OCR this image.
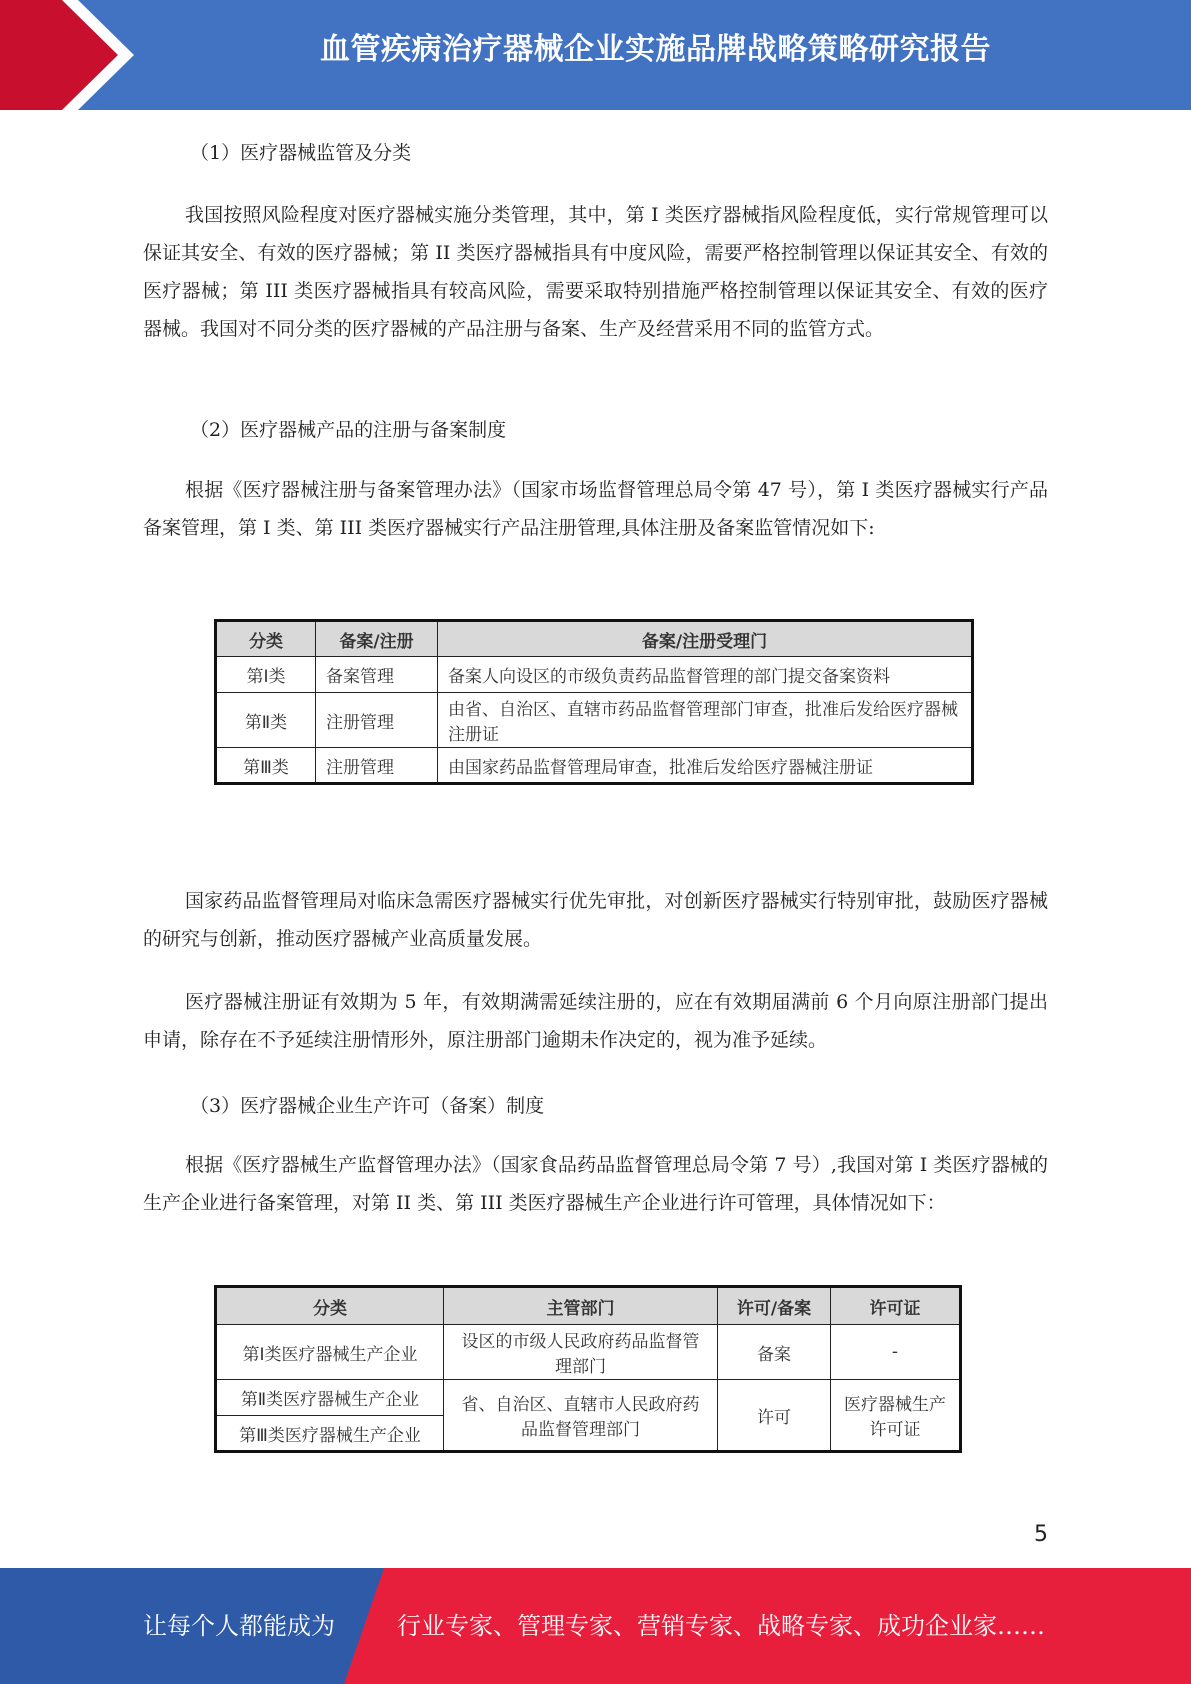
血管疾病治疗器械企业实施品牌战略策略研究报告
（1）医疗器械监管及分类
我国按照风险程度对医疗器械实施分类管理，其中，第 I 类医疗器械指风险程度低，实行常规管理可以保证其安全、有效的医疗器械；第 II 类医疗器械指具有中度风险，需要严格控制管理以保证其安全、有效的医疗器械；第 III 类医疗器械指具有较高风险，需要采取特别措施严格控制管理以保证其安全、有效的医疗器械。我国对不同分类的医疗器械的产品注册与备案、生产及经营采用不同的监管方式。
（2）医疗器械产品的注册与备案制度
根据《医疗器械注册与备案管理办法》（国家市场监督管理总局令第 47 号），第 I 类医疗器械实行产品备案管理，第 I 类、第 III 类医疗器械实行产品注册管理,具体注册及备案监管情况如下:
分类	备案/注册	备案/注册受理门
第Ⅰ类	备案管理	备案人向设区的市级负责药品监督管理的部门提交备案资料
第Ⅱ类	注册管理	由省、自治区、直辖市药品监督管理部门审查，批准后发给医疗器械注册证
第Ⅲ类	注册管理	由国家药品监督管理局审查，批准后发给医疗器械注册证
国家药品监督管理局对临床急需医疗器械实行优先审批，对创新医疗器械实行特别审批，鼓励医疗器械的研究与创新，推动医疗器械产业高质量发展。
医疗器械注册证有效期为 5 年，有效期满需延续注册的，应在有效期届满前 6 个月向原注册部门提出申请，除存在不予延续注册情形外，原注册部门逾期未作决定的，视为准予延续。
（3）医疗器械企业生产许可（备案）制度
根据《医疗器械生产监督管理办法》（国家食品药品监督管理总局令第 7 号）,我国对第 I 类医疗器械的生产企业进行备案管理，对第 II 类、第 III 类医疗器械生产企业进行许可管理，具体情况如下：
分类	主管部门	许可/备案	许可证
第Ⅰ类医疗器械生产企业	设区的市级人民政府药品监督管理部门	备案	-
第Ⅱ类医疗器械生产企业	省、自治区、直辖市人民政府药品监督管理部门	许可	医疗器械生产许可证
第Ⅲ类医疗器械生产企业			
5
让每个人都能成为	行业专家、管理专家、营销专家、战略专家、成功企业家……
